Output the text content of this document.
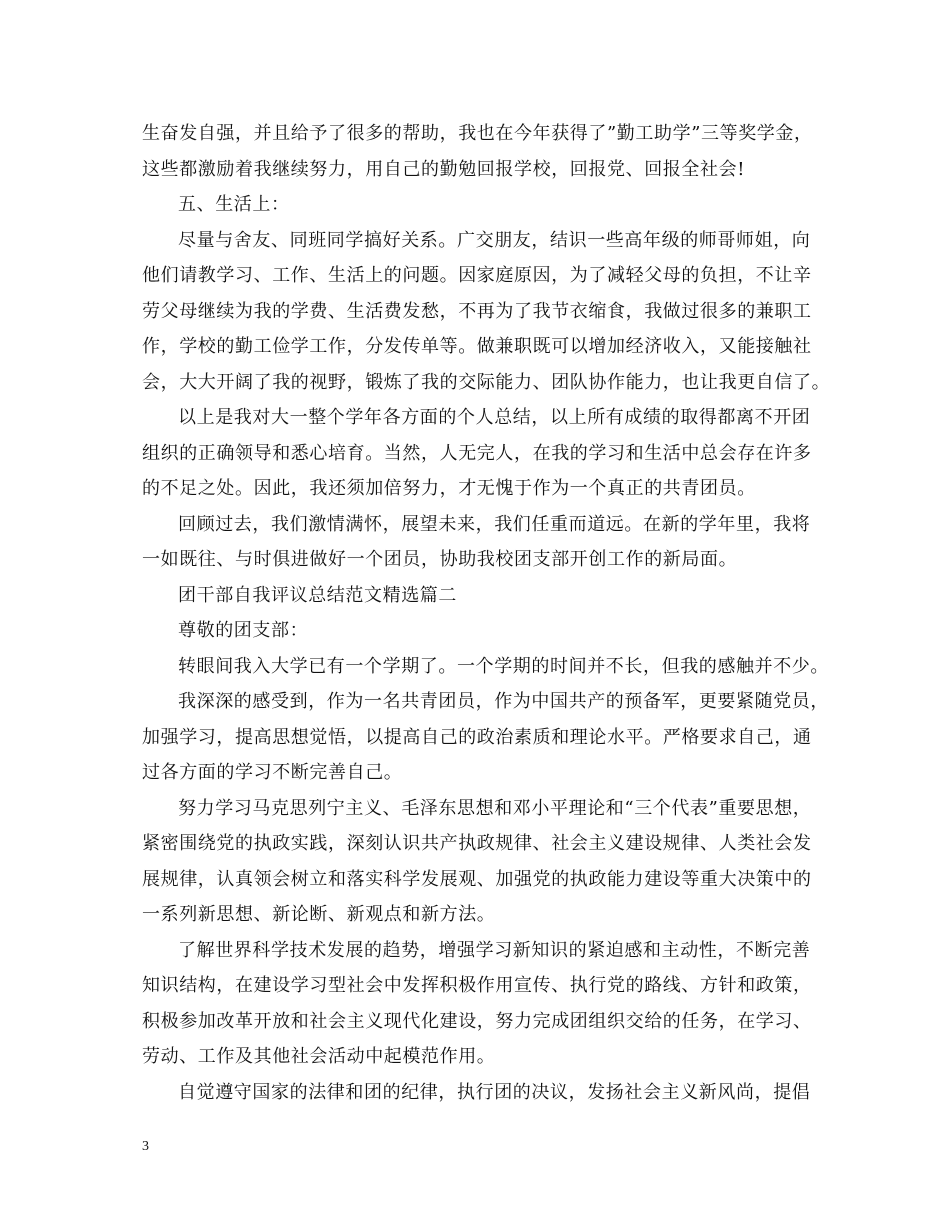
生奋发自强，并且给予了很多的帮助，我也在今年获得了”勤工助学”三等奖学金，
这些都激励着我继续努力，用自己的勤勉回报学校，回报党、回报全社会!
五、生活上：
尽量与舍友、同班同学搞好关系。广交朋友，结识一些高年级的师哥师姐，向
他们请教学习、工作、生活上的问题。因家庭原因，为了减轻父母的负担，不让辛
劳父母继续为我的学费、生活费发愁，不再为了我节衣缩食，我做过很多的兼职工
作，学校的勤工俭学工作，分发传单等。做兼职既可以增加经济收入，又能接触社
会，大大开阔了我的视野，锻炼了我的交际能力、团队协作能力，也让我更自信了。
以上是我对大一整个学年各方面的个人总结，以上所有成绩的取得都离不开团
组织的正确领导和悉心培育。当然，人无完人，在我的学习和生活中总会存在许多
的不足之处。因此，我还须加倍努力，才无愧于作为一个真正的共青团员。
回顾过去，我们激情满怀，展望未来，我们任重而道远。在新的学年里，我将
一如既往、与时俱进做好一个团员，协助我校团支部开创工作的新局面。
团干部自我评议总结范文精选篇二
尊敬的团支部：
转眼间我入大学已有一个学期了。一个学期的时间并不长，但我的感触并不少。
我深深的感受到，作为一名共青团员，作为中国共产的预备军，更要紧随党员，
加强学习，提高思想觉悟，以提高自己的政治素质和理论水平。严格要求自己，通
过各方面的学习不断完善自己。
努力学习马克思列宁主义、毛泽东思想和邓小平理论和“三个代表”重要思想，
紧密围绕党的执政实践，深刻认识共产执政规律、社会主义建设规律、人类社会发
展规律，认真领会树立和落实科学发展观、加强党的执政能力建设等重大决策中的
一系列新思想、新论断、新观点和新方法。
了解世界科学技术发展的趋势，增强学习新知识的紧迫感和主动性，不断完善
知识结构，在建设学习型社会中发挥积极作用宣传、执行党的路线、方针和政策，
积极参加改革开放和社会主义现代化建设，努力完成团组织交给的任务，在学习、
劳动、工作及其他社会活动中起模范作用。
自觉遵守国家的法律和团的纪律，执行团的决议，发扬社会主义新风尚，提倡
3
